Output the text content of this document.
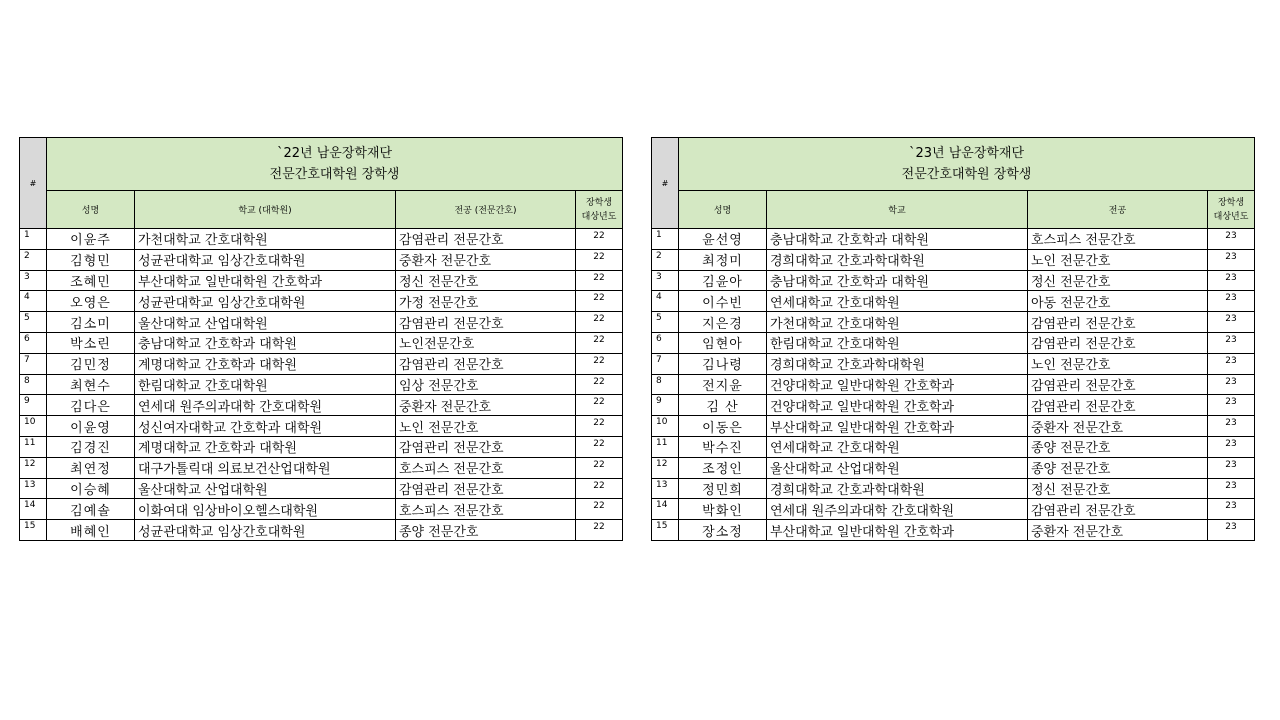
#	`22년 남운장학재단
전문간호대학원 장학생			

	성명	학교 (대학원)	전공 (전문간호)	장학생
대상년도

1	이윤주	가천대학교 간호대학원	감염관리 전문간호	22
2	김형민	성균관대학교 임상간호대학원	중환자 전문간호	22
3	조혜민	부산대학교 일반대학원 간호학과	정신 전문간호	22
4	오영은	성균관대학교 임상간호대학원	가정 전문간호	22
5	김소미	울산대학교 산업대학원	감염관리 전문간호	22
6	박소린	충남대학교 간호학과 대학원	노인전문간호	22
7	김민정	계명대학교 간호학과 대학원	감염관리 전문간호	22
8	최현수	한림대학교 간호대학원	임상 전문간호	22
9	김다은	연세대 원주의과대학 간호대학원	중환자 전문간호	22
10	이윤영	성신여자대학교 간호학과 대학원	노인 전문간호	22
11	김경진	계명대학교 간호학과 대학원	감염관리 전문간호	22
12	최연정	대구가톨릭대 의료보건산업대학원	호스피스 전문간호	22
13	이승혜	울산대학교 산업대학원	감염관리 전문간호	22
14	김예솔	이화여대 임상바이오헬스대학원	호스피스 전문간호	22
15	배혜인	성균관대학교 임상간호대학원	종양 전문간호	22
#	`23년 남운장학재단
전문간호대학원 장학생			

	성명	학교	전공	장학생
대상년도

1	윤선영	충남대학교 간호학과 대학원	호스피스 전문간호	23
2	최정미	경희대학교 간호과학대학원	노인 전문간호	23
3	김윤아	충남대학교 간호학과 대학원	정신 전문간호	23
4	이수빈	연세대학교 간호대학원	아동 전문간호	23
5	지은경	가천대학교 간호대학원	감염관리 전문간호	23
6	임현아	한림대학교 간호대학원	감염관리 전문간호	23
7	김나령	경희대학교 간호과학대학원	노인 전문간호	23
8	전지윤	건양대학교 일반대학원 간호학과	감염관리 전문간호	23
9	김 산	건양대학교 일반대학원 간호학과	감염관리 전문간호	23
10	이동은	부산대학교 일반대학원 간호학과	중환자 전문간호	23
11	박수진	연세대학교 간호대학원	종양 전문간호	23
12	조정인	울산대학교 산업대학원	종양 전문간호	23
13	정민희	경희대학교 간호과학대학원	정신 전문간호	23
14	박화인	연세대 원주의과대학 간호대학원	감염관리 전문간호	23
15	장소정	부산대학교 일반대학원 간호학과	중환자 전문간호	23
